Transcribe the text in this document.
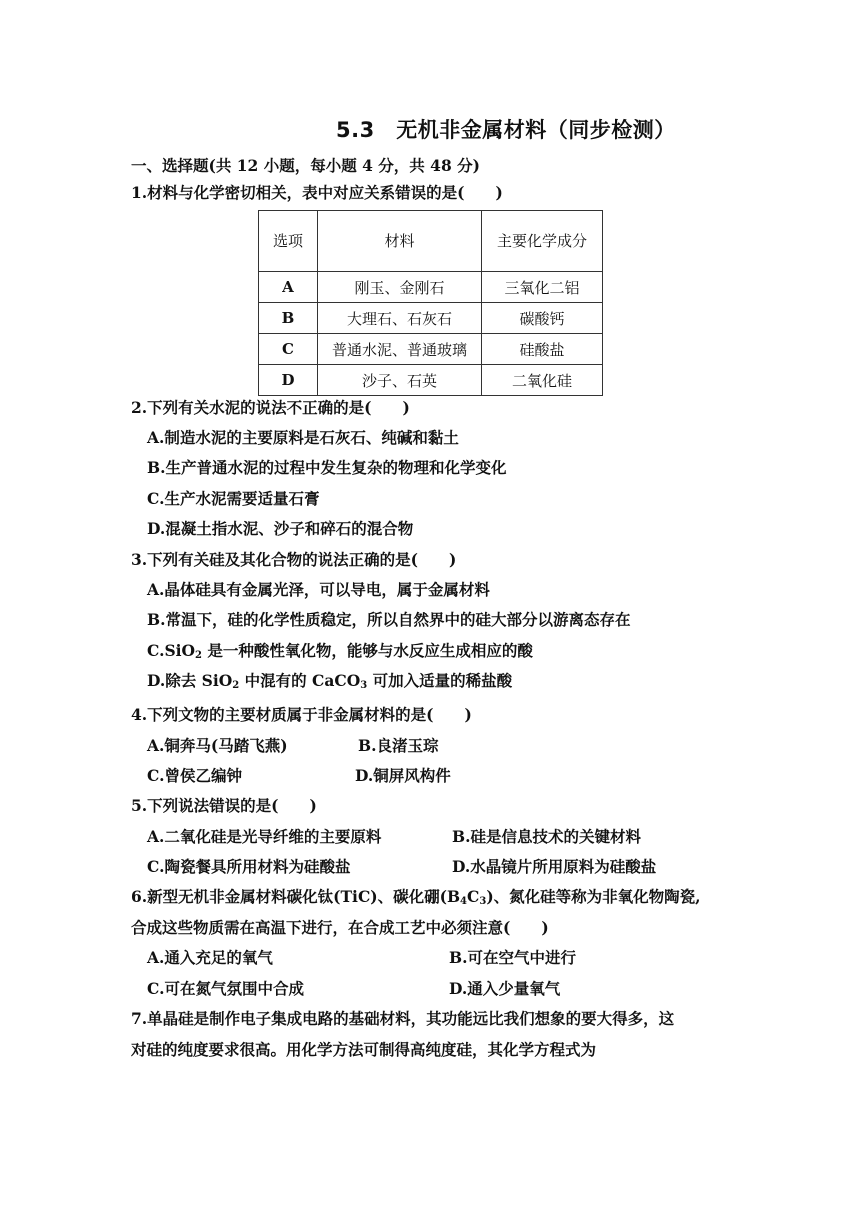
5.3　无机非金属材料（同步检测）
一、选择题(共 12 小题，每小题 4 分，共 48 分)
1.材料与化学密切相关，表中对应关系错误的是(　　)
选项	材料	主要化学成分

A	刚玉、金刚石	三氧化二铝
B	大理石、石灰石	碳酸钙
C	普通水泥、普通玻璃	硅酸盐
D	沙子、石英	二氧化硅
2.下列有关水泥的说法不正确的是(　　)
A.制造水泥的主要原料是石灰石、纯碱和黏土
B.生产普通水泥的过程中发生复杂的物理和化学变化
C.生产水泥需要适量石膏
D.混凝土指水泥、沙子和碎石的混合物
3.下列有关硅及其化合物的说法正确的是(　　)
A.晶体硅具有金属光泽，可以导电，属于金属材料
B.常温下，硅的化学性质稳定，所以自然界中的硅大部分以游离态存在
C.SiO$_2$ 是一种酸性氧化物，能够与水反应生成相应的酸
D.除去 SiO$_2$ 中混有的 CaCO$_3$ 可加入适量的稀盐酸
4.下列文物的主要材质属于非金属材料的是(　　)
A.铜奔马(马踏飞燕)	B.良渚玉琮
C.曾侯乙编钟	D.铜屏风构件
5.下列说法错误的是(　　)
A.二氧化硅是光导纤维的主要原料	B.硅是信息技术的关键材料
C.陶瓷餐具所用材料为硅酸盐	D.水晶镜片所用原料为硅酸盐
6.新型无机非金属材料碳化钛(TiC)、碳化硼$(B_4C_3)$、氮化硅等称为非氧化物陶瓷,
合成这些物质需在高温下进行，在合成工艺中必须注意(　　)
A.通入充足的氧气	B.可在空气中进行
C.可在氮气氛围中合成	D.通入少量氧气
7.单晶硅是制作电子集成电路的基础材料，其功能远比我们想象的要大得多，这
对硅的纯度要求很高。用化学方法可制得高纯度硅，其化学方程式为
